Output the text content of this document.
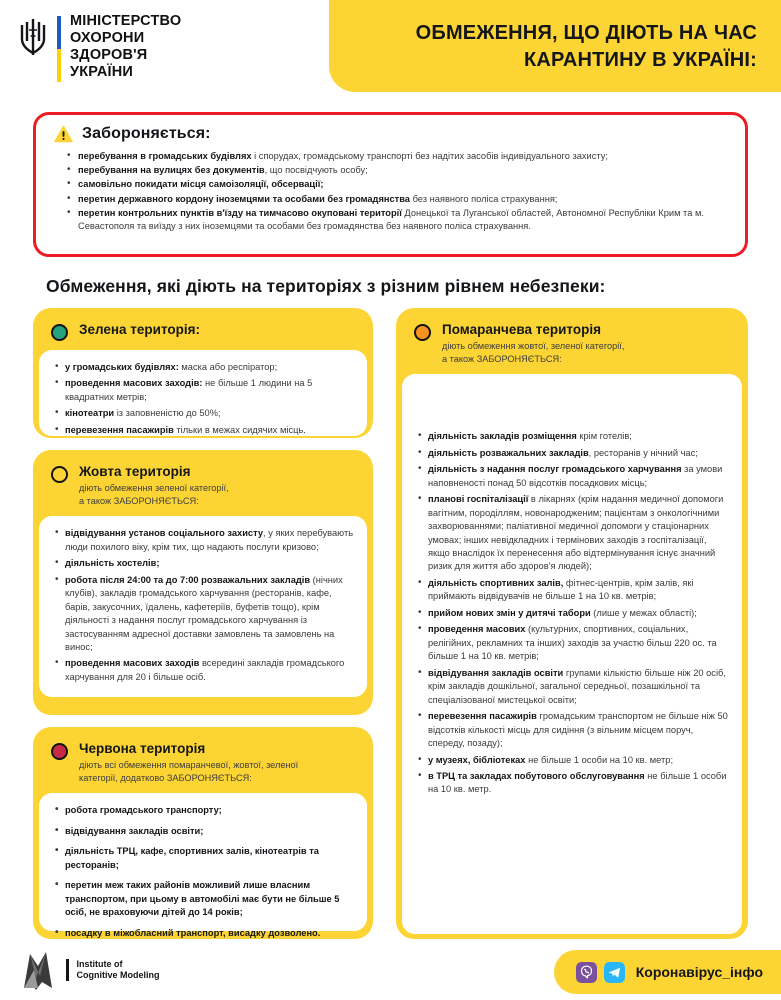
МІНІСТЕРСТВО
ОХОРОНИ
ЗДОРОВ'Я
УКРАЇНИ
ОБМЕЖЕННЯ, ЩО ДІЮТЬ НА ЧАС
КАРАНТИНУ В УКРАЇНІ:
Забороняється:
• перебування в громадських будівлях і спорудах, громадському транспорті без надітих засобів індивідуального захисту;
• перебування на вулицях без документів, що посвідчують особу;
• самовільно покидати місця самоізоляції, обсервації;
• перетин державного кордону іноземцями та особами без громадянства без наявного поліса страхування;
• перетин контрольних пунктів в'їзду на тимчасово окуповані території Донецької та Луганської областей, Автономної Республіки Крим та м. Севастополя та виїзду з них іноземцями та особами без громадянства без наявного поліса страхування.
Обмеження, які діють на територіях з різним рівнем небезпеки:
Зелена територія:
• у громадських будівлях: маска або респіратор;
• проведення масових заходів: не більше 1 людини на 5 квадратних метрів;
• кінотеатри із заповненістю до 50%;
• перевезення пасажирів тільки в межах сидячих місць.
Жовта територія
діють обмеження зеленої категорії,
а також ЗАБОРОНЯЄТЬСЯ:
• відвідування установ соціального захисту, у яких перебувають люди похилого віку, крім тих, що надають послуги кризово;
• діяльність хостелів;
• робота після 24:00 та до 7:00 розважальних закладів (нічних клубів), закладів громадського харчування (ресторанів, кафе, барів, закусочних, їдалень, кафетеріїв, буфетів тощо), крім діяльності з надання послуг громадського харчування із застосуванням адресної доставки замовлень та замовлень на винос;
• проведення масових заходів всередині закладів громадського харчування для 20 і більше осіб.
Червона територія
діють всі обмеження помаранчевої, жовтої, зеленої
категорії, додатково ЗАБОРОНЯЄТЬСЯ:
• робота громадського транспорту;
• відвідування закладів освіти;
• діяльність ТРЦ, кафе, спортивних залів, кінотеатрів та ресторанів;
• перетин меж таких районів можливий лише власним транспортом, при цьому в автомобілі має бути не більше 5 осіб, не враховуючи дітей до 14 років;
• посадку в міжобласний транспорт, висадку дозволено.
Помаранчева територія
діють обмеження жовтої, зеленої категорії,
а також ЗАБОРОНЯЄТЬСЯ:
• діяльність закладів розміщення крім готелів;
• діяльність розважальних закладів, ресторанів у нічний час;
• діяльність з надання послуг громадського харчування за умови наповненості понад 50 відсотків посадкових місць;
• планові госпіталізації в лікарнях (крім надання медичної допомоги вагітним, породіллям, новонародженим; пацієнтам з онкологічними захворюваннями; паліативної медичної допомоги у стаціонарних умовах; інших невідкладних і термінових заходів з госпіталізації, якщо внаслідок їх перенесення або відтермінування існує значний ризик для життя або здоров'я людей);
• діяльність спортивних залів, фітнес-центрів, крім залів, які приймають відвідувачів не більше 1 на 10 кв. метрів;
• прийом нових змін у дитячі табори (лише у межах області);
• проведення масових (культурних, спортивних, соціальних, релігійних, рекламних та інших) заходів за участю більш 220 ос. та більше 1 на 10 кв. метрів;
• відвідування закладів освіти групами кількістю більше ніж 20 осіб, крім закладів дошкільної, загальної середньої, позашкільної та спеціалізованої мистецької освіти;
• перевезення пасажирів громадським транспортом не більше ніж 50 відсотків кількості місць для сидіння (з вільним місцем поруч, спереду, позаду);
• у музеях, бібліотеках не більше 1 особи на 10 кв. метр;
• в ТРЦ та закладах побутового обслуговування не більше 1 особи на 10 кв. метр.
Institute of
Cognitive Modeling	Коронавірус_інфо
